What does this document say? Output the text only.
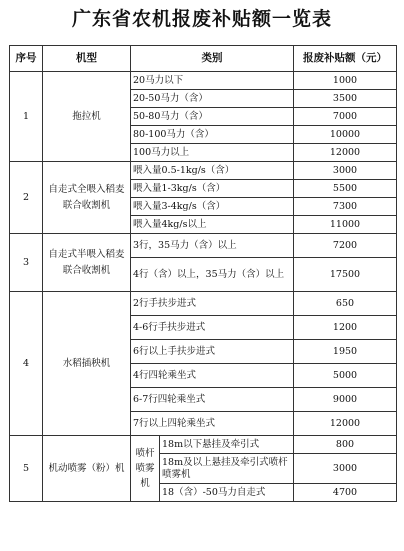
广东省农机报废补贴额一览表
序号	机型	类别		报废补贴额（元）
1	拖拉机	20马力以下		1000
		20-50马力（含）		3500
		50-80马力（含）		7000
		80-100马力（含）		10000
		100马力以上		12000
2	自走式全喂入稻麦联合收割机	喂入量0.5-1kg/s（含）		3000
		喂入量1-3kg/s（含）		5500
		喂入量3-4kg/s（含）		7300
		喂入量4kg/s以上		11000
3	自走式半喂入稻麦联合收割机	3行，35马力（含）以上		7200
		4行（含）以上，35马力（含）以上		17500
4	水稻插秧机	2行手扶步进式		650
		4-6行手扶步进式		1200
		6行以上手扶步进式		1950
		4行四轮乘坐式		5000
		6-7行四轮乘坐式		9000
		7行以上四轮乘坐式		12000
5	机动喷雾（粉）机	喷杆喷雾机	18m以下悬挂及牵引式	800
			18m及以上悬挂及牵引式喷杆喷雾机	3000
			18（含）-50马力自走式	4700
